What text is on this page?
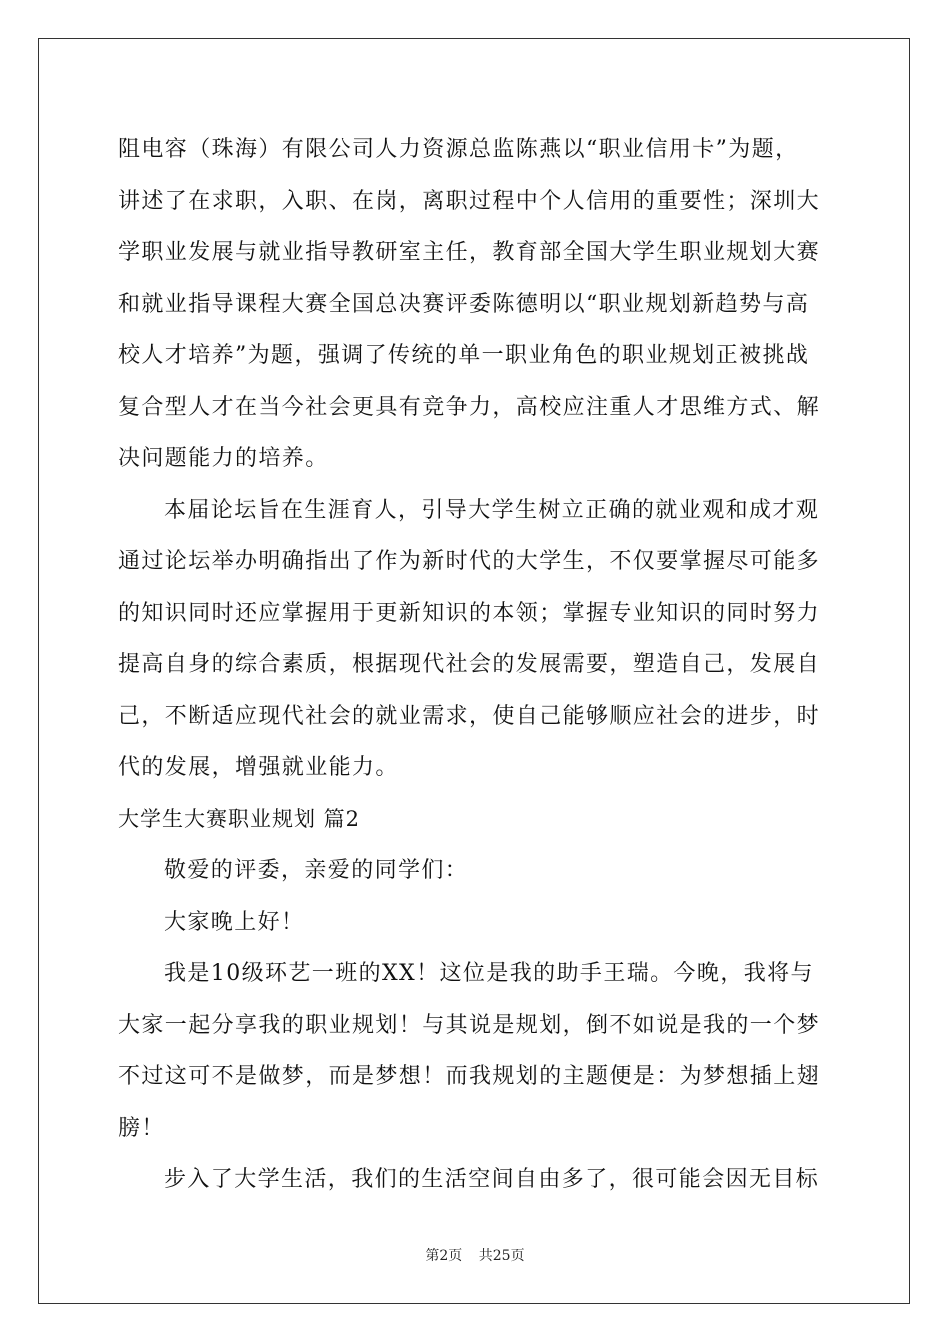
阻电容（珠海）有限公司人力资源总监陈燕以“职业信用卡”为题，
讲述了在求职，入职、在岗，离职过程中个人信用的重要性；深圳大
学职业发展与就业指导教研室主任，教育部全国大学生职业规划大赛
和就业指导课程大赛全国总决赛评委陈德明以“职业规划新趋势与高
校人才培养”为题，强调了传统的单一职业角色的职业规划正被挑战
复合型人才在当今社会更具有竞争力，高校应注重人才思维方式、解
决问题能力的培养。
本届论坛旨在生涯育人，引导大学生树立正确的就业观和成才观
通过论坛举办明确指出了作为新时代的大学生，不仅要掌握尽可能多
的知识同时还应掌握用于更新知识的本领；掌握专业知识的同时努力
提高自身的综合素质，根据现代社会的发展需要，塑造自己，发展自
己，不断适应现代社会的就业需求，使自己能够顺应社会的进步，时
代的发展，增强就业能力。
大学生大赛职业规划 篇2
敬爱的评委，亲爱的同学们：
大家晚上好！
我是10级环艺一班的XX！这位是我的助手王瑞。今晚，我将与
大家一起分享我的职业规划！与其说是规划，倒不如说是我的一个梦
不过这可不是做梦，而是梦想！而我规划的主题便是：为梦想插上翅
膀！
步入了大学生活，我们的生活空间自由多了，很可能会因无目标
第2页 共25页
